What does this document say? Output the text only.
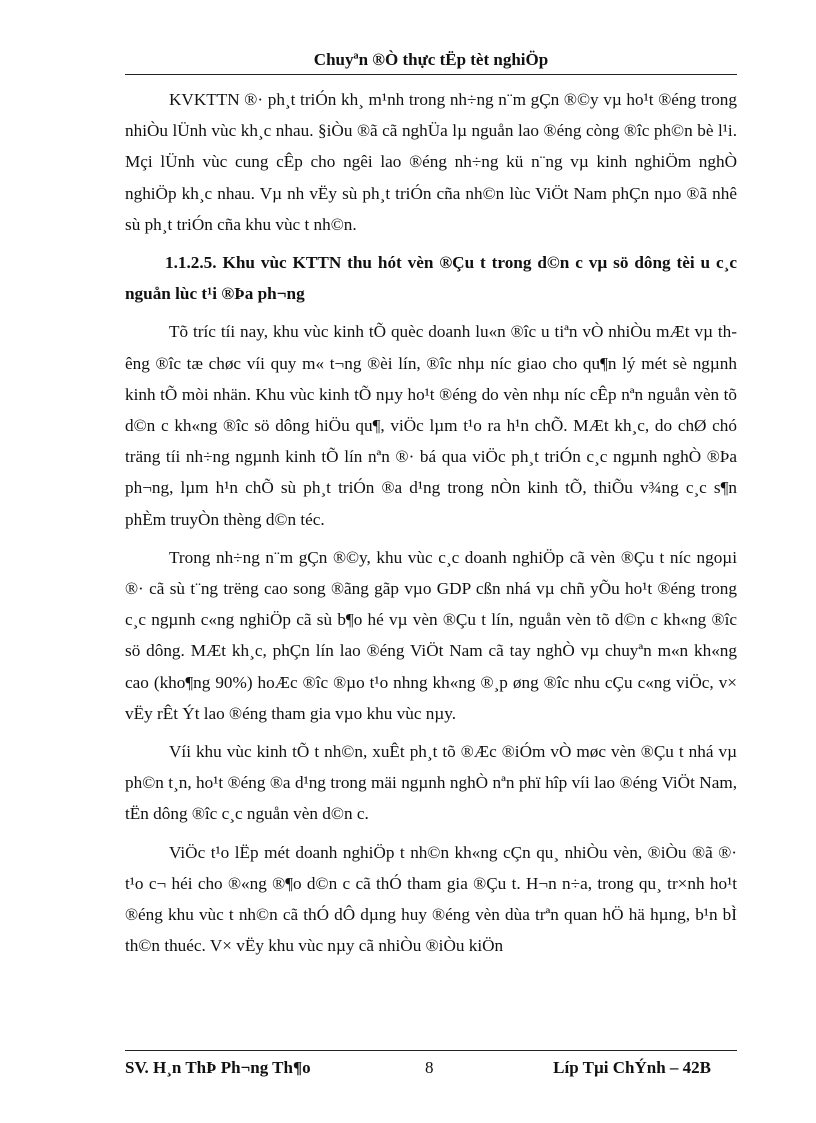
Chuyªn ®Ò thực tËp tèt nghiÖp

KVKTTN ®· ph¸t triÓn kh¸ m¹nh trong nh÷ng n¨m gÇn ®©y vµ ho¹t ®éng trong nhiÒu lÜnh vùc kh¸c nhau. §iÒu ®ã cã nghÜa lµ nguån lao ®éng còng ®îc ph©n bè l¹i. Mçi lÜnh vùc cung cÊp cho ngêi lao ®éng nh÷ng kü n¨ng vµ kinh nghiÖm nghÒ nghiÖp kh¸c nhau. Vµ nh vËy sù ph¸t triÓn cña nh©n lùc ViÖt Nam phÇn nµo ®ã nhê sù ph¸t triÓn cña khu vùc t nh©n.

1.1.2.5. Khu vùc KTTN thu hót vèn ®Çu t trong d©n c vµ sö dông tèi u c¸c nguån lùc t¹i ®Þa ph¬ng

Tõ tríc tíi nay, khu vùc kinh tÕ quèc doanh lu«n ®îc u tiªn vÒ nhiÒu mÆt vµ thêng ®îc tæ chøc víi quy m« t¬ng ®èi lín, ®îc nhµ níc giao cho qu¶n lý mét sè ngµnh kinh tÕ mòi nhän. Khu vùc kinh tÕ nµy ho¹t ®éng do vèn nhµ níc cÊp nªn nguån vèn tõ d©n c kh«ng ®îc sö dông hiÖu qu¶, viÖc lµm t¹o ra h¹n chÕ. MÆt kh¸c, do chØ chó träng tíi nh÷ng ngµnh kinh tÕ lín nªn ®· bá qua viÖc ph¸t triÓn c¸c ngµnh nghÒ ®Þa ph¬ng, lµm h¹n chÕ sù ph¸t triÓn ®a d¹ng trong nÒn kinh tÕ, thiÕu v¾ng c¸c s¶n phÈm truyÒn thèng d©n téc.

Trong nh÷ng n¨m gÇn ®©y, khu vùc c¸c doanh nghiÖp cã vèn ®Çu t níc ngoµi ®· cã sù t¨ng trëng cao song ®ãng gãp vµo GDP cßn nhá vµ chñ yÕu ho¹t ®éng trong c¸c ngµnh c«ng nghiÖp cã sù b¶o hé vµ vèn ®Çu t lín, nguån vèn tõ d©n c kh«ng ®îc sö dông. MÆt kh¸c, phÇn lín lao ®éng ViÖt Nam cã tay nghÒ vµ chuyªn m«n kh«ng cao (kho¶ng 90%) hoÆc ®îc ®µo t¹o nhng kh«ng ®¸p øng ®îc nhu cÇu c«ng viÖc, v× vËy rÊt Ýt lao ®éng tham gia vµo khu vùc nµy.

Víi khu vùc kinh tÕ t nh©n, xuÊt ph¸t tõ ®Æc ®iÓm vÒ møc vèn ®Çu t nhá vµ ph©n t¸n, ho¹t ®éng ®a d¹ng trong mäi ngµnh nghÒ nªn phï hîp víi lao ®éng ViÖt Nam, tËn dông ®îc c¸c nguån vèn d©n c.

ViÖc t¹o lËp mét doanh nghiÖp t nh©n kh«ng cÇn qu¸ nhiÒu vèn, ®iÒu ®ã ®· t¹o c¬ héi cho ®«ng ®¶o d©n c cã thÓ tham gia ®Çu t. H¬n n÷a, trong qu¸ tr×nh ho¹t ®éng khu vùc t nh©n cã thÓ dÔ dµng huy ®éng vèn dùa trªn quan hÖ hä hµng, b¹n bÌ th©n thuéc. V× vËy khu vùc nµy cã nhiÒu ®iÒu kiÖn

SV. H¸n ThÞ Ph¬ng Th¶o	8	Líp Tµi ChÝnh – 42B
